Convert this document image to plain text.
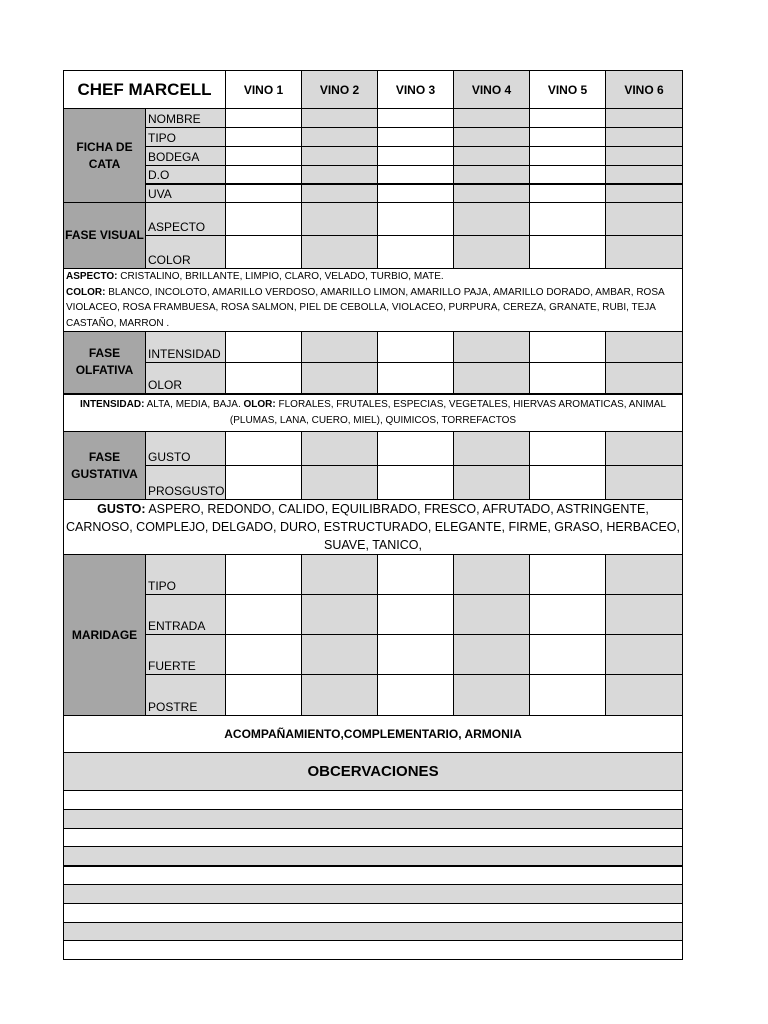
CHEF MARCELL		VINO 1	VINO 2	VINO 3	VINO 4	VINO 5	VINO 6
FICHA DE CATA	NOMBRE						
	TIPO						
	BODEGA						
	D.O						
	UVA						
FASE VISUAL	ASPECTO						
	COLOR						

ASPECTO: CRISTALINO, BRILLANTE, LIMPIO, CLARO, VELADO, TURBIO, MATE.
COLOR: BLANCO, INCOLOTO, AMARILLO VERDOSO, AMARILLO LIMON, AMARILLO PAJA, AMARILLO DORADO, AMBAR, ROSA VIOLACEO, ROSA FRAMBUESA, ROSA SALMON, PIEL DE CEBOLLA, VIOLACEO, PURPURA, CEREZA, GRANATE, RUBI, TEJA CASTAÑO, MARRON .							

FASE OLFATIVA	INTENSIDAD						
	OLOR						

INTENSIDAD: ALTA, MEDIA, BAJA. OLOR: FLORALES, FRUTALES, ESPECIAS, VEGETALES, HIERVAS AROMATICAS, ANIMAL (PLUMAS, LANA, CUERO, MIEL), QUIMICOS, TORREFACTOS							

FASE GUSTATIVA	GUSTO						
	PROSGUSTO						

GUSTO: ASPERO, REDONDO, CALIDO, EQUILIBRADO, FRESCO, AFRUTADO, ASTRINGENTE, CARNOSO, COMPLEJO, DELGADO, DURO, ESTRUCTURADO, ELEGANTE, FIRME, GRASO, HERBACEO, SUAVE, TANICO,							

MARIDAGE	TIPO						
	ENTRADA						
	FUERTE						
	POSTRE						
ACOMPAÑAMIENTO,COMPLEMENTARIO, ARMONIA							
OBCERVACIONES							
